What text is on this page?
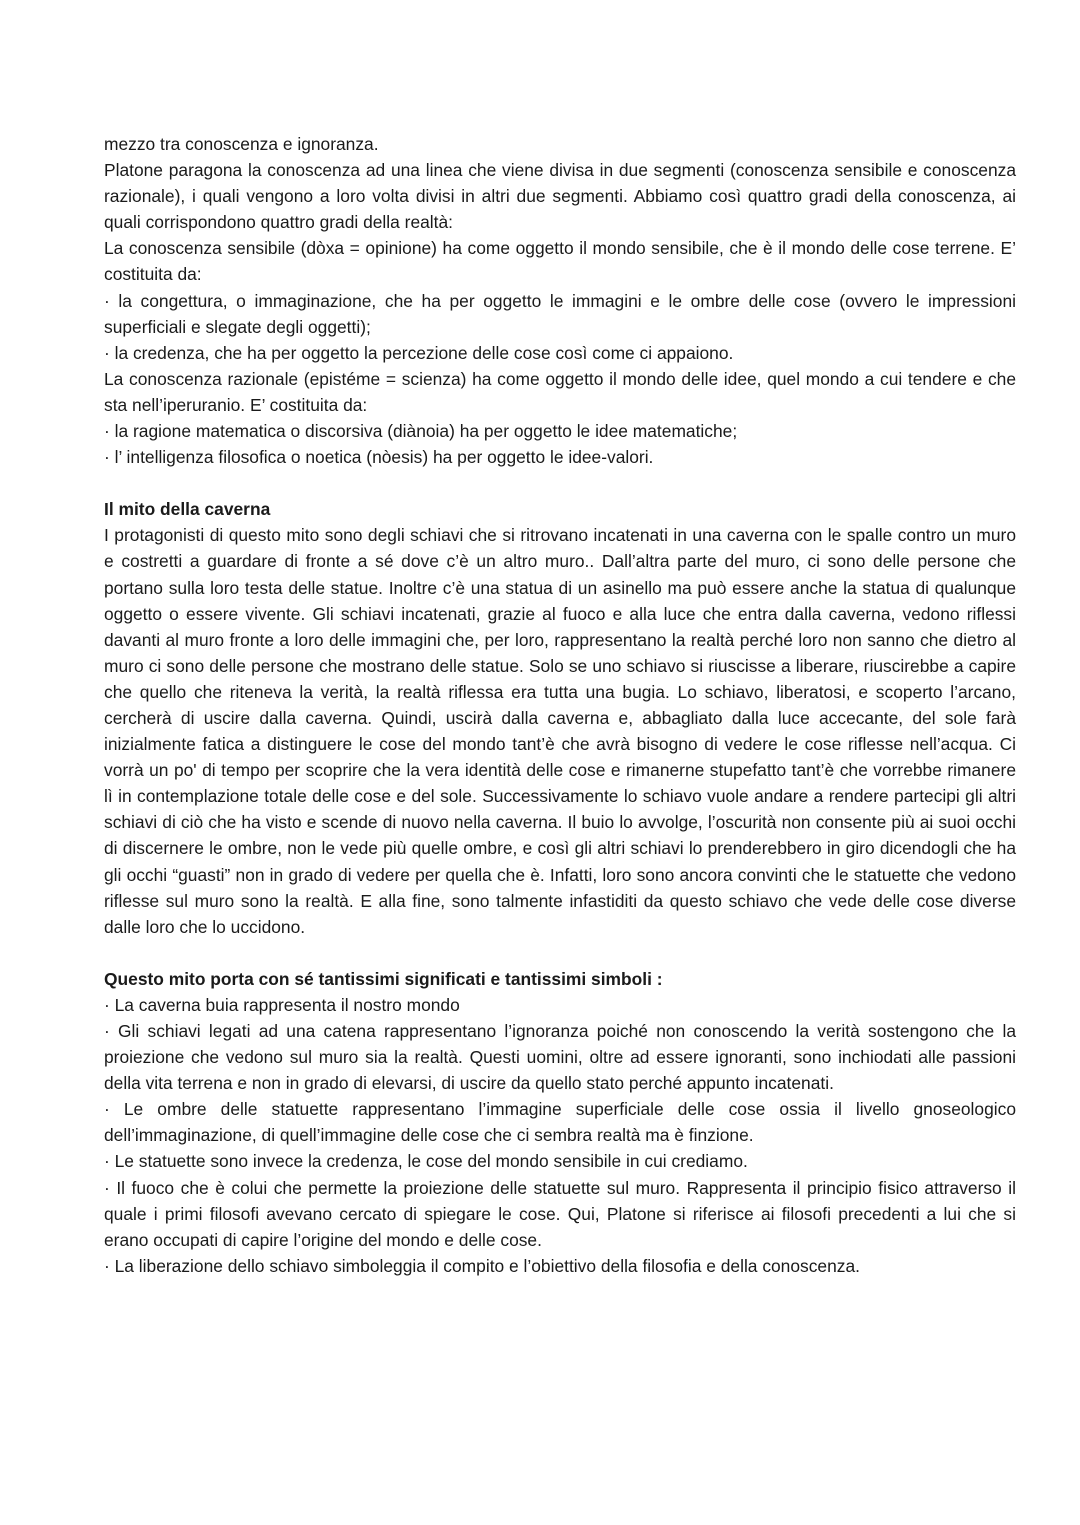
mezzo tra conoscenza e ignoranza.

Platone paragona la conoscenza ad una linea che viene divisa in due segmenti (conoscenza sensibile e conoscenza razionale), i quali vengono a loro volta divisi in altri due segmenti. Abbiamo così quattro gradi della conoscenza, ai quali corrispondono quattro gradi della realtà:

La conoscenza sensibile (dòxa = opinione) ha come oggetto il mondo sensibile, che è il mondo delle cose terrene. E’ costituita da:

· la congettura, o immaginazione, che ha per oggetto le immagini e le ombre delle cose (ovvero le impressioni superficiali e slegate degli oggetti);

· la credenza, che ha per oggetto la percezione delle cose così come ci appaiono.

La conoscenza razionale (epistéme = scienza) ha come oggetto il mondo delle idee, quel mondo a cui tendere e che sta nell’iperuranio. E’ costituita da:

· la ragione matematica o discorsiva (diànoia) ha per oggetto le idee matematiche;

· l’ intelligenza filosofica o noetica (nòesis) ha per oggetto le idee-valori.

Il mito della caverna

I protagonisti di questo mito sono degli schiavi che si ritrovano incatenati in una caverna con le spalle contro un muro e costretti a guardare di fronte a sé dove c’è un altro muro.. Dall’altra parte del muro, ci sono delle persone che portano sulla loro testa delle statue. Inoltre c’è una statua di un asinello ma può essere anche la statua di qualunque oggetto o essere vivente. Gli schiavi incatenati, grazie al fuoco e alla luce che entra dalla caverna, vedono riflessi davanti al muro fronte a loro delle immagini che, per loro, rappresentano la realtà perché loro non sanno che dietro al muro ci sono delle persone che mostrano delle statue. Solo se uno schiavo si riuscisse a liberare, riuscirebbe a capire che quello che riteneva la verità, la realtà riflessa era tutta una bugia. Lo schiavo, liberatosi, e scoperto l’arcano, cercherà di uscire dalla caverna. Quindi, uscirà dalla caverna e, abbagliato dalla luce accecante, del sole farà inizialmente fatica a distinguere le cose del mondo tant’è che avrà bisogno di vedere le cose riflesse nell’acqua. Ci vorrà un po' di tempo per scoprire che la vera identità delle cose e rimanerne stupefatto tant’è che vorrebbe rimanere lì in contemplazione totale delle cose e del sole. Successivamente lo schiavo vuole andare a rendere partecipi gli altri schiavi di ciò che ha visto e scende di nuovo nella caverna. Il buio lo avvolge, l’oscurità non consente più ai suoi occhi di discernere le ombre, non le vede più quelle ombre, e così gli altri schiavi lo prenderebbero in giro dicendogli che ha gli occhi “guasti” non in grado di vedere per quella che è. Infatti, loro sono ancora convinti che le statuette che vedono riflesse sul muro sono la realtà. E alla fine, sono talmente infastiditi da questo schiavo che vede delle cose diverse dalle loro che lo uccidono.

Questo mito porta con sé tantissimi significati e tantissimi simboli :

· La caverna buia rappresenta il nostro mondo

· Gli schiavi legati ad una catena rappresentano l’ignoranza poiché non conoscendo la verità sostengono che la proiezione che vedono sul muro sia la realtà. Questi uomini, oltre ad essere ignoranti, sono inchiodati alle passioni della vita terrena e non in grado di elevarsi, di uscire da quello stato perché appunto incatenati.

· Le ombre delle statuette rappresentano l’immagine superficiale delle cose ossia il livello gnoseologico dell’immaginazione, di quell’immagine delle cose che ci sembra realtà ma è finzione.

· Le statuette sono invece la credenza, le cose del mondo sensibile in cui crediamo.

· Il fuoco che è colui che permette la proiezione delle statuette sul muro. Rappresenta il principio fisico attraverso il quale i primi filosofi avevano cercato di spiegare le cose. Qui, Platone si riferisce ai filosofi precedenti a lui che si erano occupati di capire l’origine del mondo e delle cose.

· La liberazione dello schiavo simboleggia il compito e l’obiettivo della filosofia e della conoscenza.
